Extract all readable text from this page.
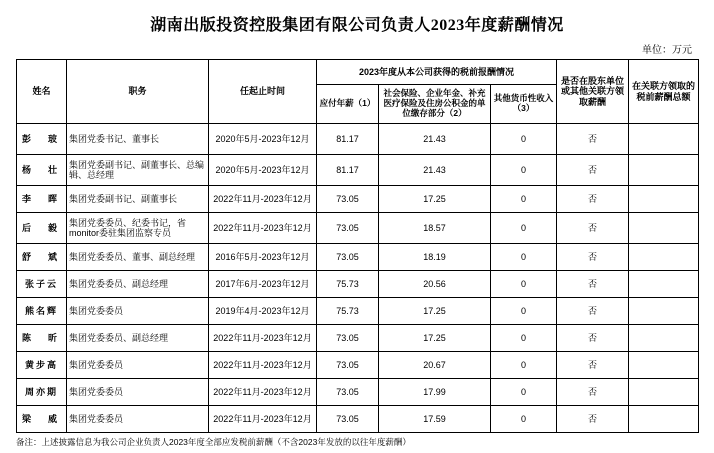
湖南出版投资控股集团有限公司负责人2023年度薪酬情况
单位：万元
姓名	职务	任起止时间	2023年度从本公司获得的税前报酬情况			是否在股东单位或其他关联方领取薪酬	在关联方领取的税前薪酬总额
			应付年薪（1）	社会保险、企业年金、补充医疗保险及住房公积金的单位缴存部分（2）	其他货币性收入（3）		
彭　玻	集团党委书记、董事长	2020年5月-2023年12月	81.17	21.43	0	否	
杨　壮	集团党委副书记、副董事长、总编辑、总经理	2020年5月-2023年12月	81.17	21.43	0	否	
李　晖	集团党委副书记、副董事长	2022年11月-2023年12月	73.05	17.25	0	否	
后　毅	集团党委委员、纪委书记，省monitor委驻集团监察专员	2022年11月-2023年12月	73.05	18.57	0	否	
舒　斌	集团党委委员、董事、副总经理	2016年5月-2023年12月	73.05	18.19	0	否	
张子云	集团党委委员、副总经理	2017年6月-2023年12月	75.73	20.56	0	否	
熊名辉	集团党委委员	2019年4月-2023年12月	75.73	17.25	0	否	
陈　昕	集团党委委员、副总经理	2022年11月-2023年12月	73.05	17.25	0	否	
黄步高	集团党委委员	2022年11月-2023年12月	73.05	20.67	0	否	
周亦期	集团党委委员	2022年11月-2023年12月	73.05	17.99	0	否	
梁　威	集团党委委员	2022年11月-2023年12月	73.05	17.59	0	否	
备注：上述披露信息为我公司企业负责人2023年度全部应发税前薪酬（不含2023年发放的以往年度薪酬）
